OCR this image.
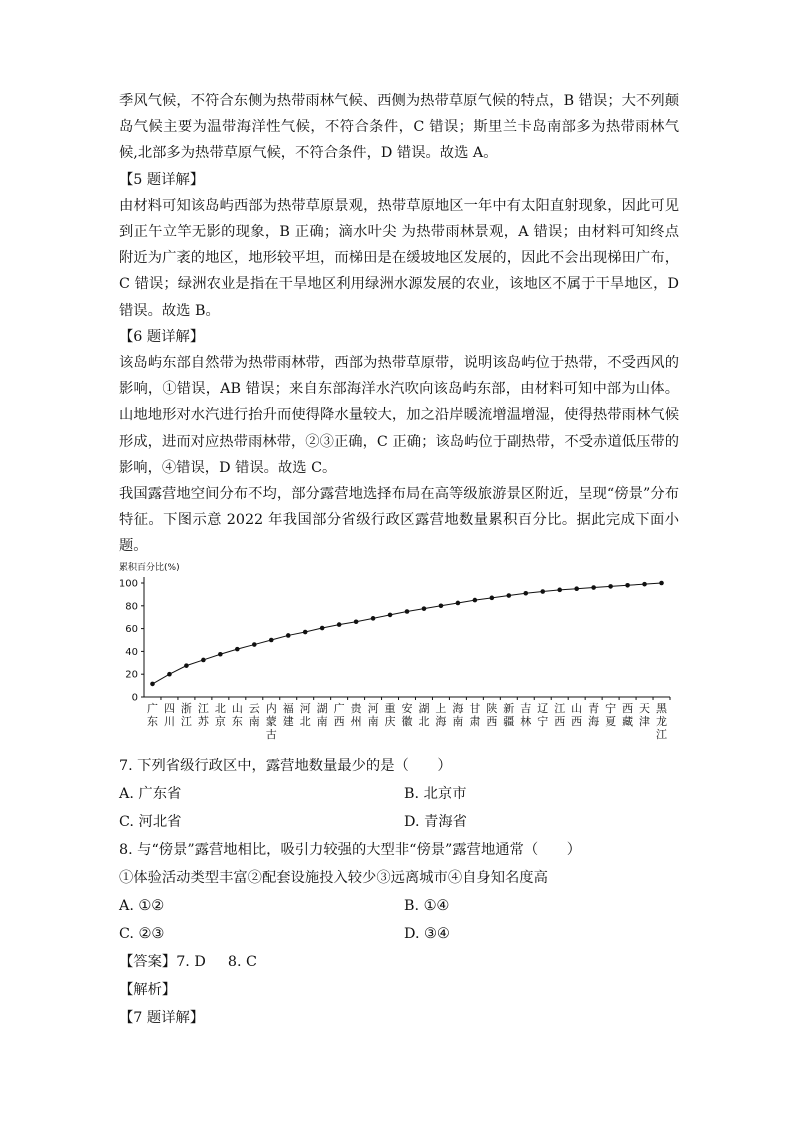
季风气候，不符合东侧为热带雨林气候、西侧为热带草原气候的特点，B 错误；大不列颠岛气候主要为温带海洋性气候，不符合条件，C 错误；斯里兰卡岛南部多为热带雨林气候,北部多为热带草原气候，不符合条件，D 错误。故选 A。

【5 题详解】

由材料可知该岛屿西部为热带草原景观，热带草原地区一年中有太阳直射现象，因此可见到正午立竿无影的现象，B 正确；滴水叶尖 为热带雨林景观，A 错误；由材料可知终点附近为广袤的地区，地形较平坦，而梯田是在缓坡地区发展的，因此不会出现梯田广布，C 错误；绿洲农业是指在干旱地区利用绿洲水源发展的农业，该地区不属于干旱地区，D 错误。故选 B。

【6 题详解】

该岛屿东部自然带为热带雨林带，西部为热带草原带，说明该岛屿位于热带，不受西风的影响，①错误，AB 错误；来自东部海洋水汽吹向该岛屿东部，由材料可知中部为山体。山地地形对水汽进行抬升而使得降水量较大，加之沿岸暖流增温增湿，使得热带雨林气候形成，进而对应热带雨林带，②③正确，C 正确；该岛屿位于副热带，不受赤道低压带的影响，④错误，D 错误。故选 C。

我国露营地空间分布不均，部分露营地选择布局在高等级旅游景区附近，呈现“傍景”分布特征。下图示意 2022 年我国部分省级行政区露营地数量累积百分比。据此完成下面小题。

累积百分比(%)
0
20
40
60
80
100
广
东
四
川
浙
江
江
苏
北
京
山
东
云
南
内
蒙
古
福
建
河
北
湖
南
广
西
贵
州
河
南
重
庆
安
徽
湖
北
上
海
海
南
甘
肃
陕
西
新
疆
吉
林
辽
宁
江
西
山
西
青
海
宁
夏
西
藏
天
津
黑
龙
江

7. 下列省级行政区中，露营地数量最少的是（　　）

A. 广东省	B. 北京市

C. 河北省	D. 青海省

8. 与“傍景”露营地相比，吸引力较强的大型非“傍景”露营地通常（　　）

①体验活动类型丰富②配套设施投入较少③远离城市④自身知名度高

A. ①②	B. ①④

C. ②③	D. ③④

【答案】7. D 8. C

【解析】

【7 题详解】
